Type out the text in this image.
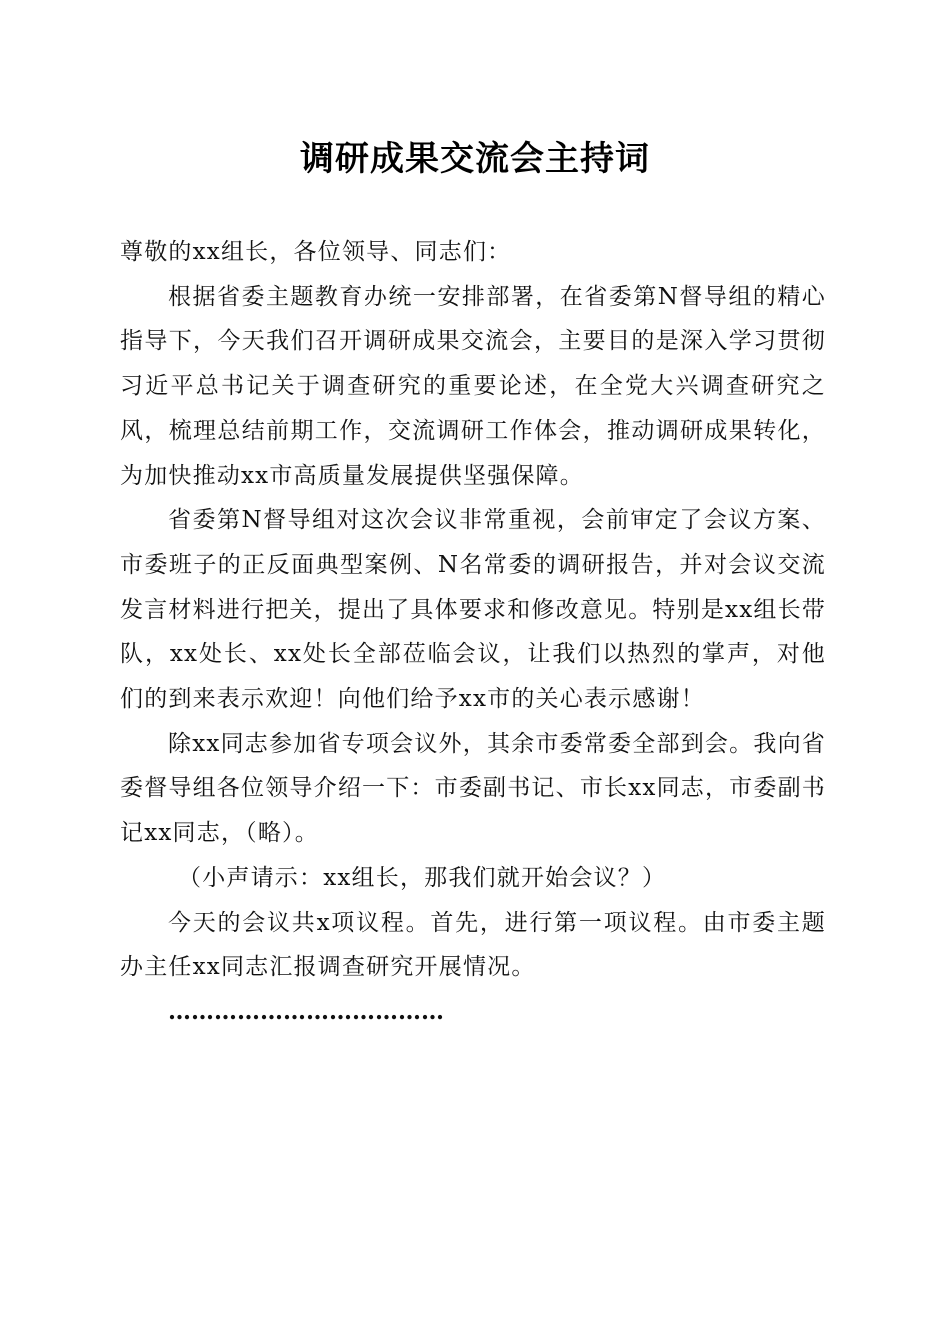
调研成果交流会主持词

尊敬的xx组长，各位领导、同志们：

根据省委主题教育办统一安排部署，在省委第N督导组的精心指导下，今天我们召开调研成果交流会，主要目的是深入学习贯彻习近平总书记关于调查研究的重要论述，在全党大兴调查研究之风，梳理总结前期工作，交流调研工作体会，推动调研成果转化，为加快推动xx市高质量发展提供坚强保障。

省委第N督导组对这次会议非常重视，会前审定了会议方案、市委班子的正反面典型案例、N名常委的调研报告，并对会议交流发言材料进行把关，提出了具体要求和修改意见。特别是xx组长带队，xx处长、xx处长全部莅临会议，让我们以热烈的掌声，对他们的到来表示欢迎！向他们给予xx市的关心表示感谢！

除xx同志参加省专项会议外，其余市委常委全部到会。我向省委督导组各位领导介绍一下：市委副书记、市长xx同志，市委副书记xx同志，（略）。

（小声请示：xx组长，那我们就开始会议？）

今天的会议共x项议程。首先，进行第一项议程。由市委主题办主任xx同志汇报调查研究开展情况。

………………………………
